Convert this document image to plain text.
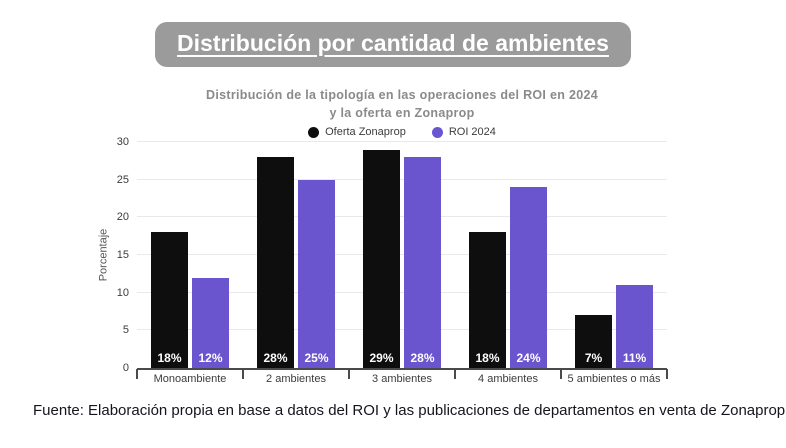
Distribución por cantidad de ambientes
Distribución de la tipología en las operaciones del ROI en 2024
y la oferta en Zonaprop
Oferta Zonaprop	ROI 2024
Porcentaje
0
5
10
15
20
25
30
18%	12%
Monoambiente
28%	25%
2 ambientes
29%	28%
3 ambientes
18%	24%
4 ambientes
7%	11%
5 ambientes o más
Fuente: Elaboración propia en base a datos del ROI y las publicaciones de departamentos en venta de Zonaprop
